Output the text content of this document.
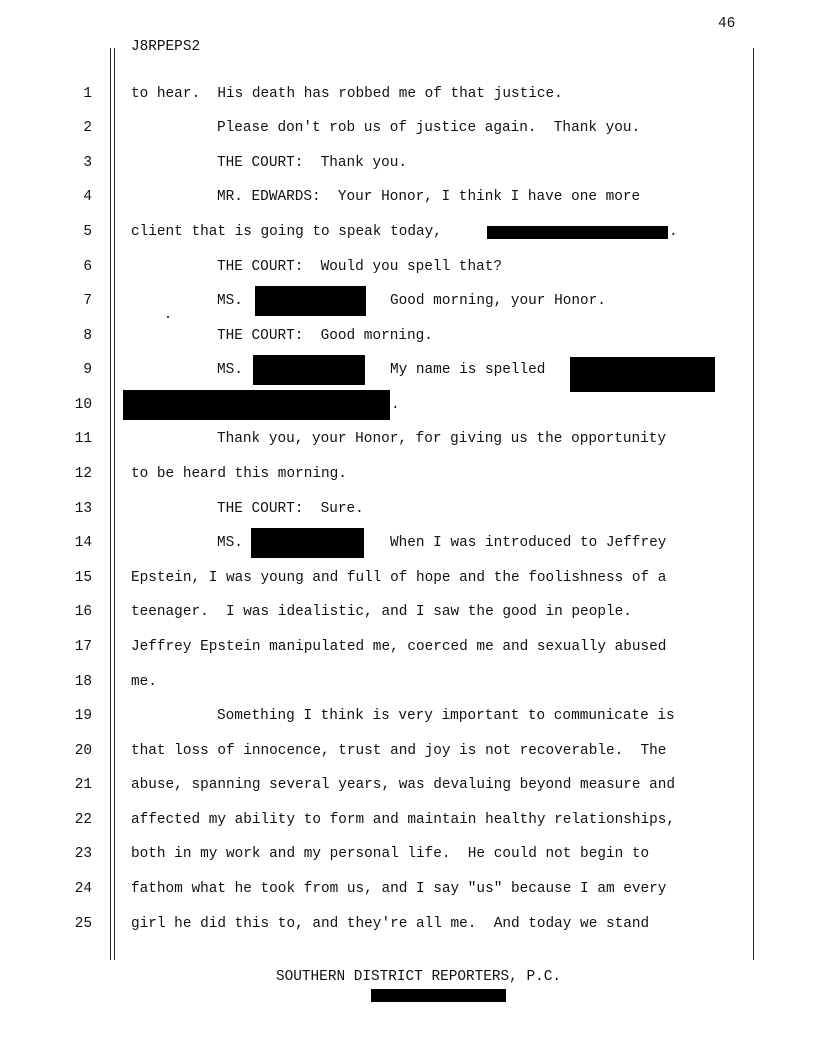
46
J8RPEPS2
1
2
3
4
5
6
7
8
9
10
11
12
13
14
15
16
17
18
19
20
21
22
23
24
25
to hear.  His death has robbed me of that justice.
Please don't rob us of justice again.  Thank you.
THE COURT:  Thank you.
MR. EDWARDS:  Your Honor, I think I have one more
client that is going to speak today,	.
THE COURT:  Would you spell that?
MS.	Good morning, your Honor.
THE COURT:  Good morning.
MS.	My name is spelled
.
Thank you, your Honor, for giving us the opportunity
to be heard this morning.
THE COURT:  Sure.
MS.	When I was introduced to Jeffrey
Epstein, I was young and full of hope and the foolishness of a
teenager.  I was idealistic, and I saw the good in people.
Jeffrey Epstein manipulated me, coerced me and sexually abused
me.
Something I think is very important to communicate is
that loss of innocence, trust and joy is not recoverable.  The
abuse, spanning several years, was devaluing beyond measure and
affected my ability to form and maintain healthy relationships,
both in my work and my personal life.  He could not begin to
fathom what he took from us, and I say "us" because I am every
girl he did this to, and they're all me.  And today we stand
SOUTHERN DISTRICT REPORTERS, P.C.
